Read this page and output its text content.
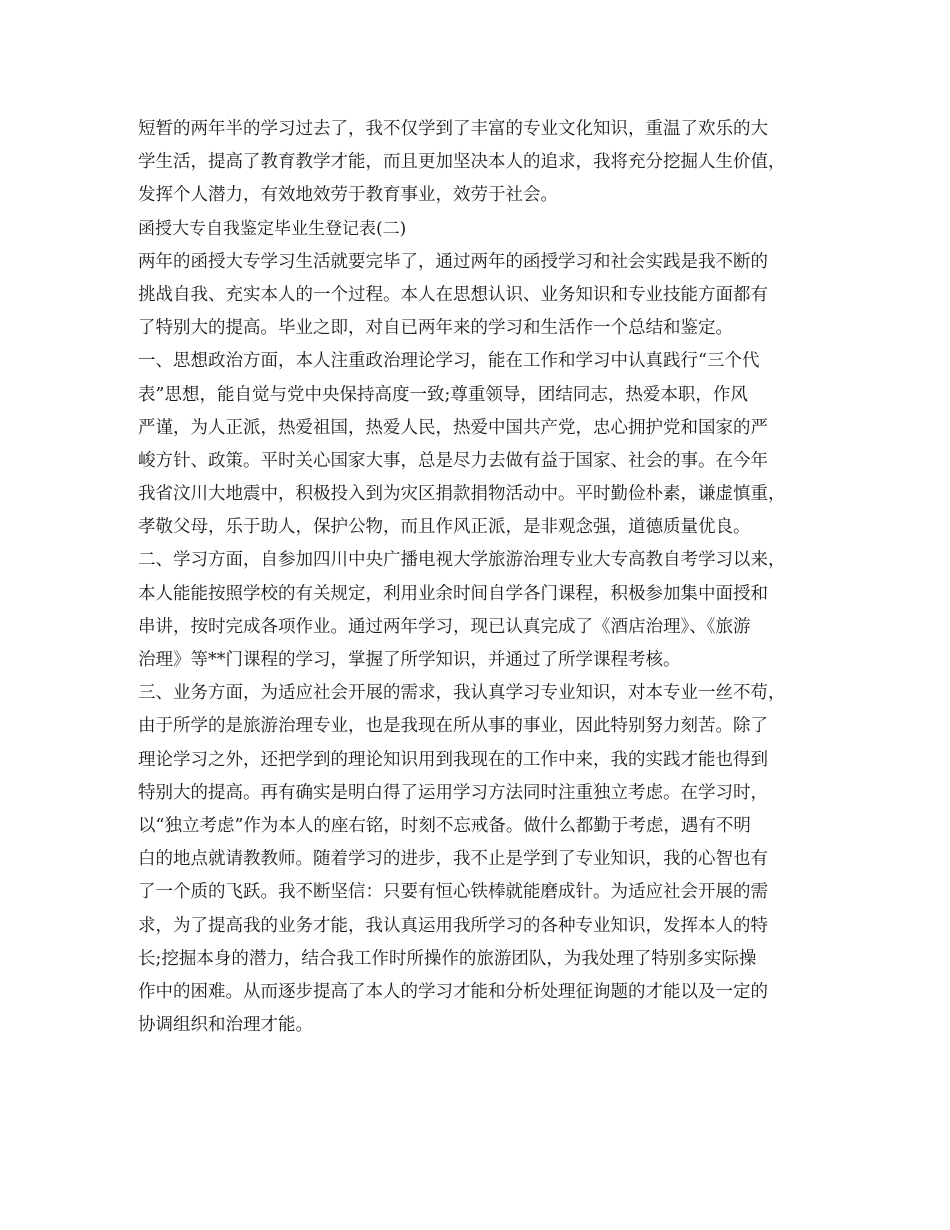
短暂的两年半的学习过去了，我不仅学到了丰富的专业文化知识，重温了欢乐的大
学生活，提高了教育教学才能，而且更加坚决本人的追求，我将充分挖掘人生价值，
发挥个人潜力，有效地效劳于教育事业，效劳于社会。
函授大专自我鉴定毕业生登记表(二)
两年的函授大专学习生活就要完毕了，通过两年的函授学习和社会实践是我不断的
挑战自我、充实本人的一个过程。本人在思想认识、业务知识和专业技能方面都有
了特别大的提高。毕业之即，对自已两年来的学习和生活作一个总结和鉴定。
一、思想政治方面，本人注重政治理论学习，能在工作和学习中认真践行“三个代
表”思想，能自觉与党中央保持高度一致;尊重领导，团结同志，热爱本职，作风
严谨，为人正派，热爱祖国，热爱人民，热爱中国共产党，忠心拥护党和国家的严
峻方针、政策。平时关心国家大事，总是尽力去做有益于国家、社会的事。在今年
我省汶川大地震中，积极投入到为灾区捐款捐物活动中。平时勤俭朴素，谦虚慎重，
孝敬父母，乐于助人，保护公物，而且作风正派，是非观念强，道德质量优良。
二、学习方面，自参加四川中央广播电视大学旅游治理专业大专高教自考学习以来，
本人能能按照学校的有关规定，利用业余时间自学各门课程，积极参加集中面授和
串讲，按时完成各项作业。通过两年学习，现已认真完成了《酒店治理》、《旅游
治理》等**门课程的学习，掌握了所学知识，并通过了所学课程考核。
三、业务方面，为适应社会开展的需求，我认真学习专业知识，对本专业一丝不苟，
由于所学的是旅游治理专业，也是我现在所从事的事业，因此特别努力刻苦。除了
理论学习之外，还把学到的理论知识用到我现在的工作中来，我的实践才能也得到
特别大的提高。再有确实是明白得了运用学习方法同时注重独立考虑。在学习时，
以“独立考虑”作为本人的座右铭，时刻不忘戒备。做什么都勤于考虑，遇有不明
白的地点就请教教师。随着学习的进步，我不止是学到了专业知识，我的心智也有
了一个质的飞跃。我不断坚信：只要有恒心铁棒就能磨成针。为适应社会开展的需
求，为了提高我的业务才能，我认真运用我所学习的各种专业知识，发挥本人的特
长;挖掘本身的潜力，结合我工作时所操作的旅游团队，为我处理了特别多实际操
作中的困难。从而逐步提高了本人的学习才能和分析处理征询题的才能以及一定的
协调组织和治理才能。
